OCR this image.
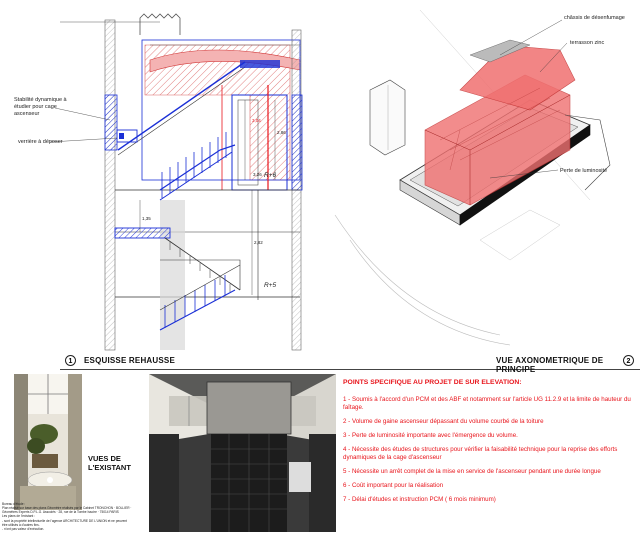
Stabilité dynamique à étudier pour cage ascenseur
verrière à déposer
R+6
R+5
3,04
2,86
3,26
1,35
2,82
châssis de désenfumage
terrasson zinc
Perte de luminosité
1	ESQUISSE REHAUSSE	VUE AXONOMETRIQUE DE PRINCIPE
2
VUES DE L'EXISTANT
Bureau d'étude :
Plan réalisé sur base des plans Géomètre réalisés par le Cabinet TRONCHON · BOLLIER · Géomètres Experts D.P.L.G. Associés · 28, rue de la Tombe Issoire · 75014 PARIS
Les plans de l'existant :
- sont la propriété intellectuelle de l'agence ARCHITECTURE DE L'UNION et ne peuvent être utilisés à d'autres fins.
- n'ont pas valeur d'exécution.
POINTS SPECIFIQUE AU PROJET DE SUR ELEVATION:
1 - Soumis à l'accord d'un PCM et des ABF et notamment sur l'article UG 11.2.9 et la limite de hauteur du faîtage.
2 - Volume de gaine ascenseur dépassant du volume courbé de la toiture
3 - Perte de luminosité importante avec l'émergence du volume.
4 - Nécessite des études de structures pour vérifier la faisabilité technique pour la reprise des efforts dynamiques de la cage d'ascenseur
5 - Nécessite un arrêt complet de la mise en service de l'ascenseur pendant une durée longue
6 - Coût important pour la réalisation
7 - Délai d'études et instruction PCM ( 6 mois minimum)
